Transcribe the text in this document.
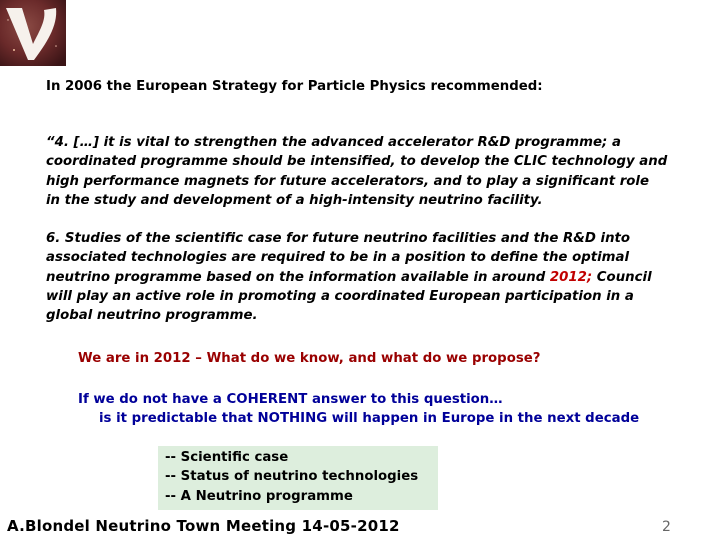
In 2006 the European Strategy for Particle Physics recommended:
“4. […] it is vital to strengthen the advanced accelerator R&D programme; a
coordinated programme should be intensified, to develop the CLIC technology and
high performance magnets for future accelerators, and to play a significant role
in the study and development of a high-intensity neutrino facility.
6. Studies of the scientific case for future neutrino facilities and the R&D into
associated technologies are required to be in a position to define the optimal
neutrino programme based on the information available in around 2012; Council
will play an active role in promoting a coordinated European participation in a
global neutrino programme.
We are in 2012 – What do we know, and what do we propose?
If we do not have a COHERENT answer to this question…
is it predictable that NOTHING will happen in Europe in the next decade
-- Scientific case
-- Status of neutrino technologies
-- A Neutrino programme
A.Blondel Neutrino Town Meeting 14-05-2012	2
